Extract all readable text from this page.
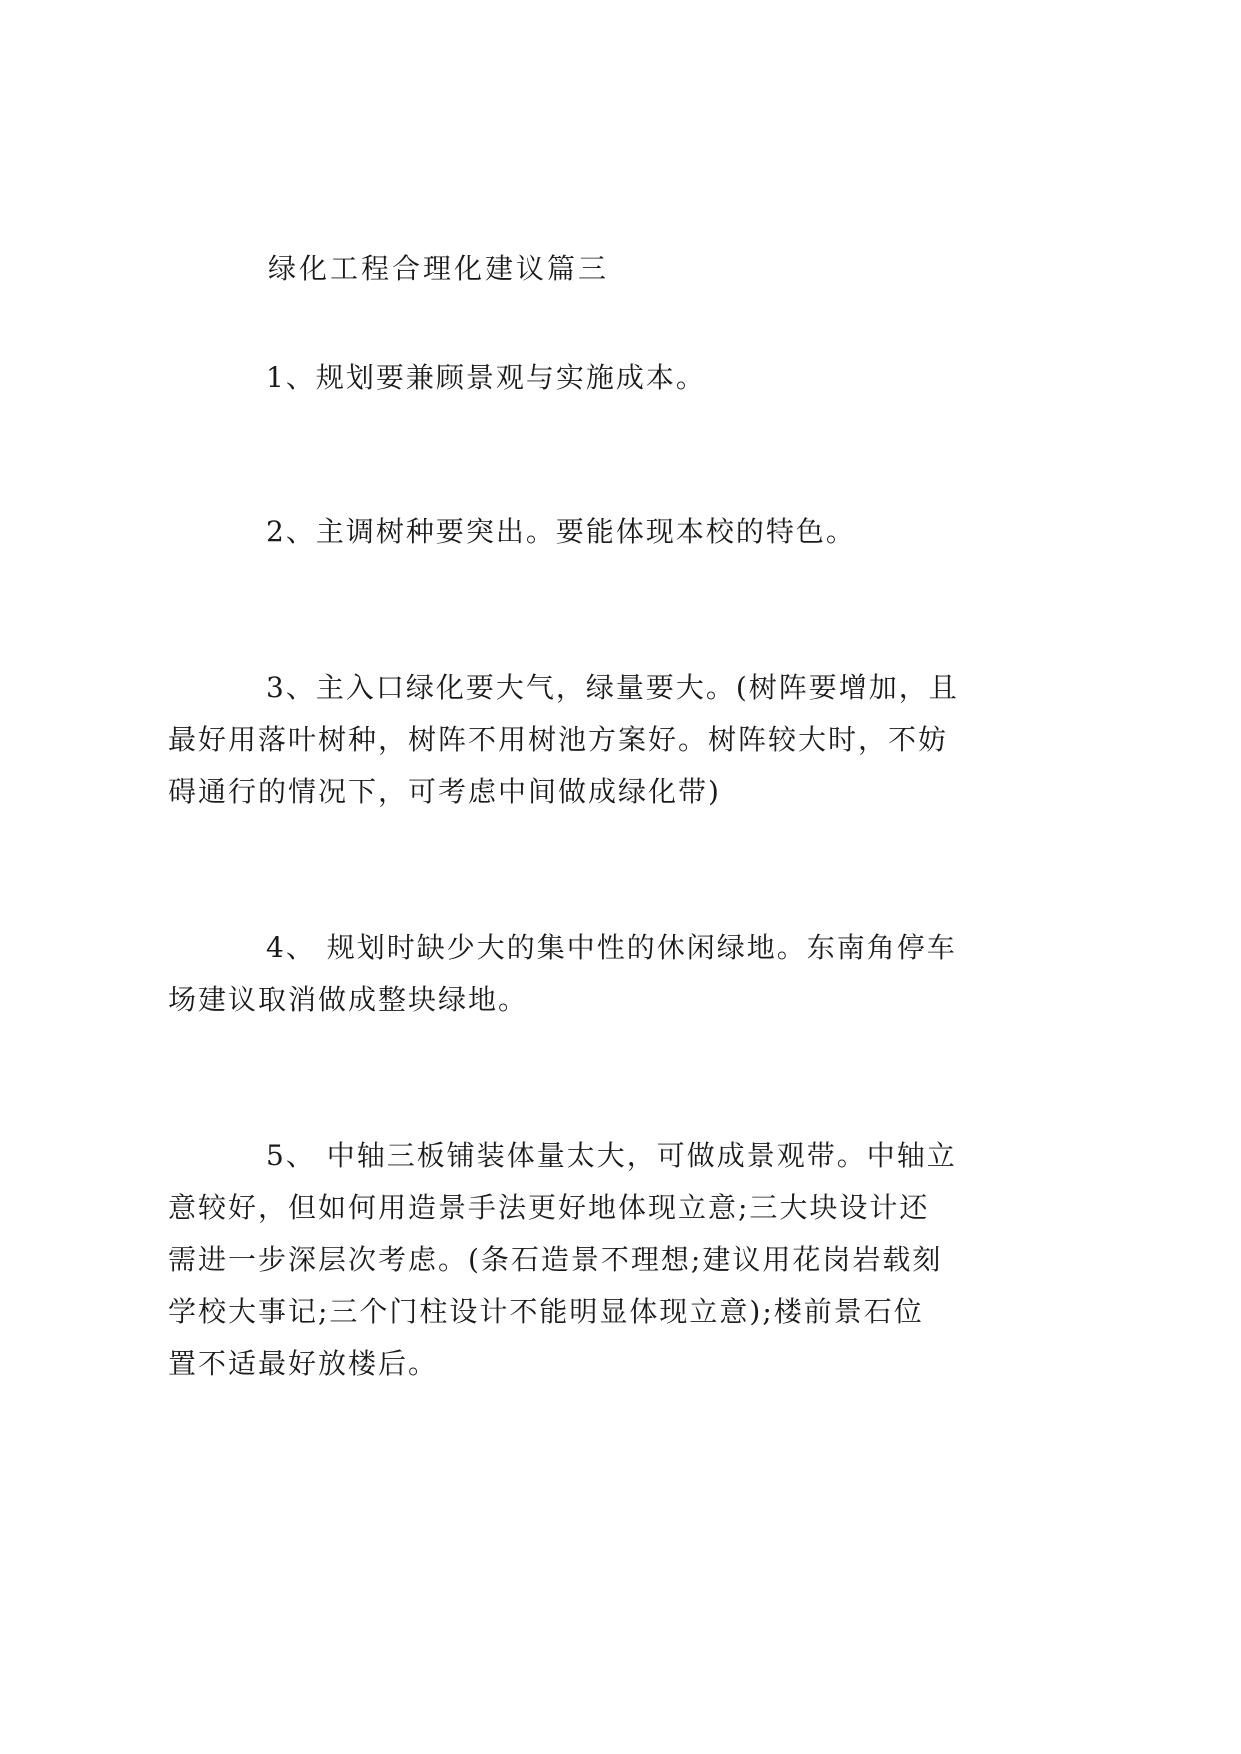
绿化工程合理化建议篇三

1、规划要兼顾景观与实施成本。

2、主调树种要突出。要能体现本校的特色。

3、主入口绿化要大气，绿量要大。(树阵要增加，且
最好用落叶树种，树阵不用树池方案好。树阵较大时，不妨
碍通行的情况下，可考虑中间做成绿化带)

4、 规划时缺少大的集中性的休闲绿地。东南角停车
场建议取消做成整块绿地。

5、 中轴三板铺装体量太大，可做成景观带。中轴立
意较好，但如何用造景手法更好地体现立意;三大块设计还
需进一步深层次考虑。(条石造景不理想;建议用花岗岩载刻
学校大事记;三个门柱设计不能明显体现立意);楼前景石位
置不适最好放楼后。
